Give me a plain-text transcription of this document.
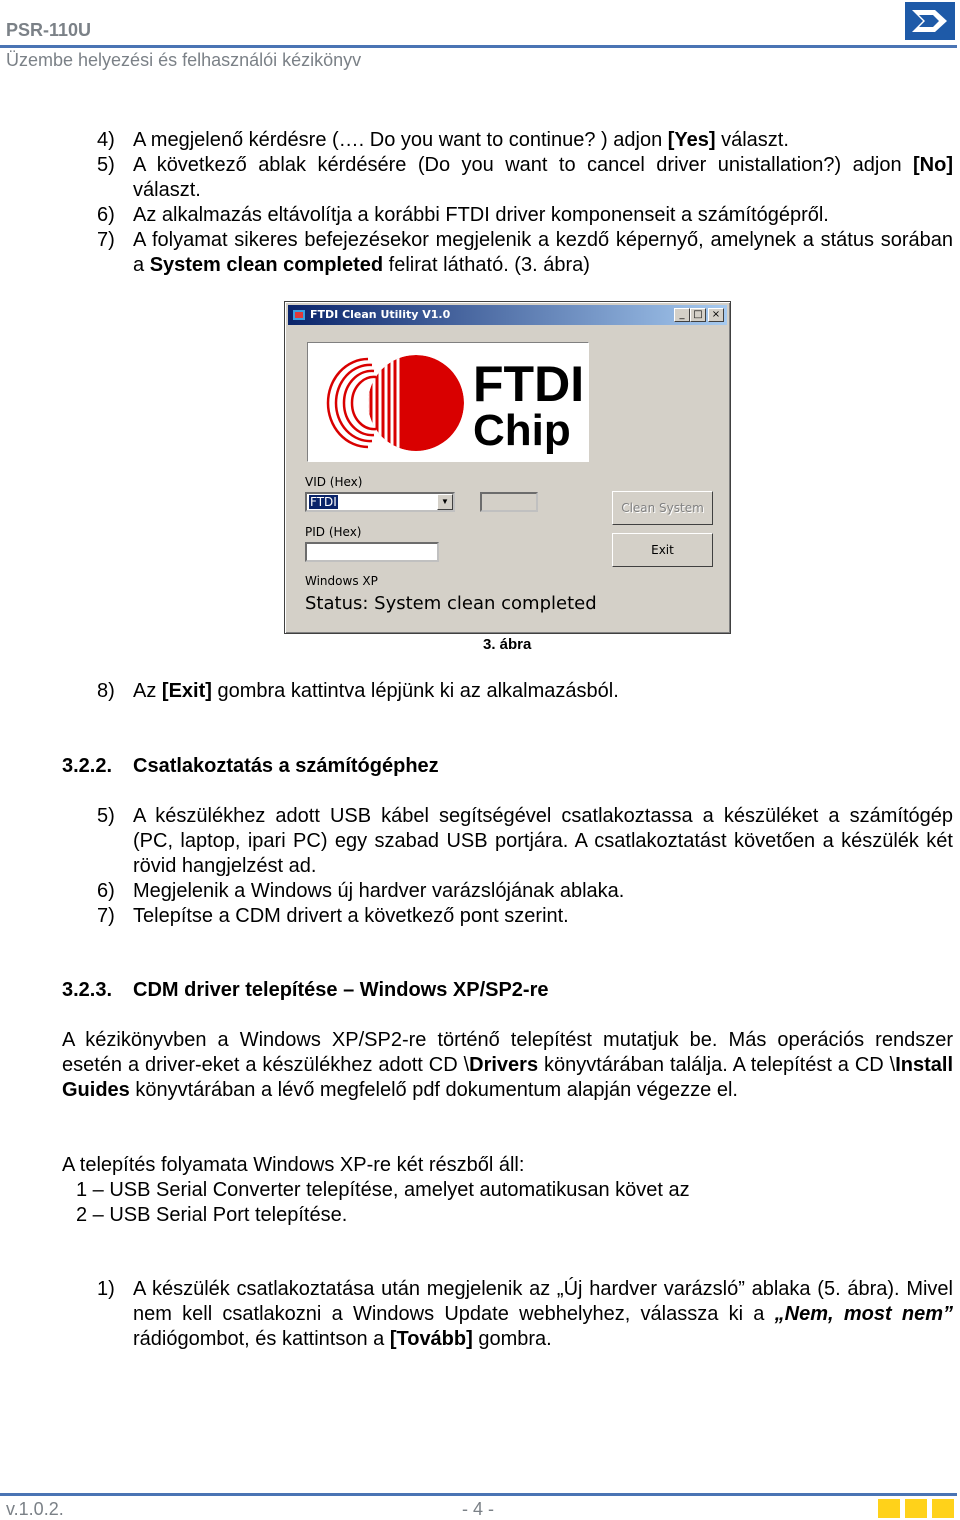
PSR-110U
Üzembe helyezési és felhasználói kézikönyv
4) A megjelenő kérdésre (…. Do you want to continue? ) adjon [Yes] választ.
5) A következő ablak kérdésére (Do you want to cancel driver unistallation?) adjon [No] választ.
6) Az alkalmazás eltávolítja a korábbi FTDI driver komponenseit a számítógépről.
7) A folyamat sikeres befejezésekor megjelenik a kezdő képernyő, amelynek a státus sorában a System clean completed felirat látható. (3. ábra)
FTDI Clean Utility V1.0	_ □ ×
FTDI
Chip
VID (Hex)
FTDI	▼
PID (Hex)
Clean System
Exit
Windows XP
Status: System clean completed
3. ábra
8) Az [Exit] gombra kattintva lépjünk ki az alkalmazásból.
3.2.2. Csatlakoztatás a számítógéphez
5) A készülékhez adott USB kábel segítségével csatlakoztassa a készüléket a számítógép (PC, laptop, ipari PC) egy szabad USB portjára. A csatlakoztatást követően a készülék két rövid hangjelzést ad.
6) Megjelenik a Windows új hardver varázslójának ablaka.
7) Telepítse a CDM drivert a következő pont szerint.
3.2.3. CDM driver telepítése – Windows XP/SP2-re
A kézikönyvben a Windows XP/SP2-re történő telepítést mutatjuk be. Más operációs rendszer esetén a driver-eket a készülékhez adott CD \Drivers könyvtárában találja. A telepítést a CD \Install Guides könyvtárában a lévő megfelelő pdf dokumentum alapján végezze el.
A telepítés folyamata Windows XP-re két részből áll:
1 – USB Serial Converter telepítése, amelyet automatikusan követ az
2 – USB Serial Port telepítése.
1) A készülék csatlakoztatása után megjelenik az „Új hardver varázsló” ablaka (5. ábra). Mivel nem kell csatlakozni a Windows Update webhelyhez, válassza ki a „Nem, most nem” rádiógombot, és kattintson a [Tovább] gombra.
v.1.0.2.	- 4 -
